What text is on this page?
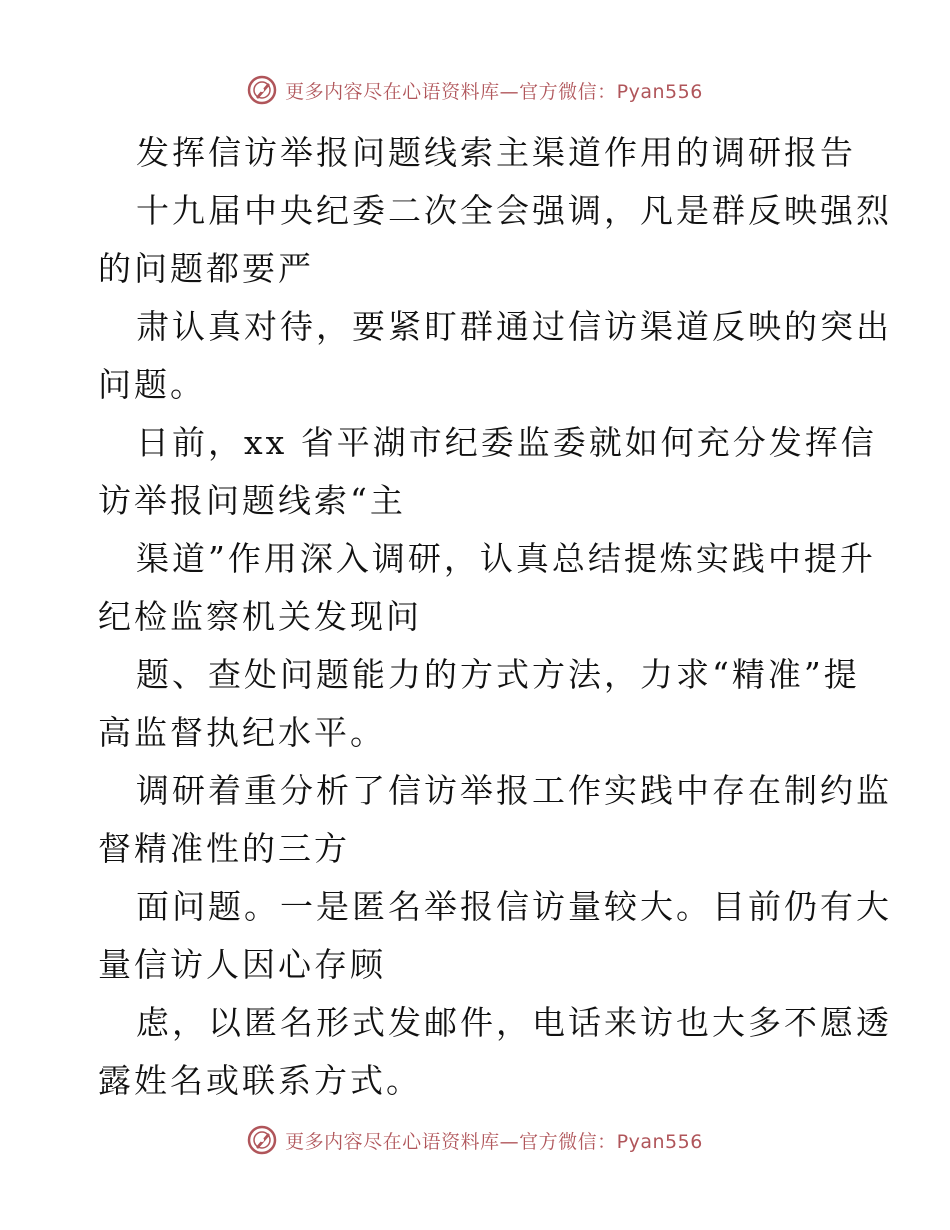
更多内容尽在心语资料库—官方微信：Pyan556
发挥信访举报问题线索主渠道作用的调研报告
十九届中央纪委二次全会强调，凡是群反映强烈
的问题都要严
肃认真对待，要紧盯群通过信访渠道反映的突出
问题。
日前，xx 省平湖市纪委监委就如何充分发挥信
访举报问题线索“主
渠道”作用深入调研，认真总结提炼实践中提升
纪检监察机关发现问
题、查处问题能力的方式方法，力求“精准”提
高监督执纪水平。
调研着重分析了信访举报工作实践中存在制约监
督精准性的三方
面问题。一是匿名举报信访量较大。目前仍有大
量信访人因心存顾
虑，以匿名形式发邮件，电话来访也大多不愿透
露姓名或联系方式。
更多内容尽在心语资料库—官方微信：Pyan556
